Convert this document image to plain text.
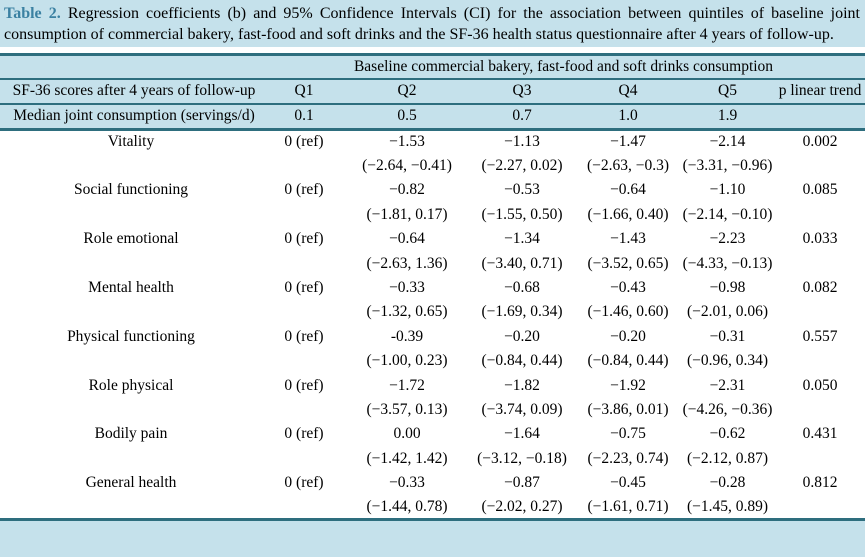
Table 2. Regression coefficients (b) and 95% Confidence Intervals (CI) for the association between quintiles of baseline joint consumption of commercial bakery, fast-food and soft drinks and the SF-36 health status questionnaire after 4 years of follow-up.
	Baseline commercial bakery, fast-food and soft drinks consumption					
SF-36 scores after 4 years of follow-up	Q1	Q2	Q3	Q4	Q5	p linear trend
Median joint consumption (servings/d)	0.1	0.5	0.7	1.0	1.9	
Vitality	0 (ref)	−1.53	−1.13	−1.47	−2.14	0.002
		(−2.64, −0.41)	(−2.27, 0.02)	(−2.63, −0.3)	(−3.31, −0.96)	
Social functioning	0 (ref)	−0.82	−0.53	−0.64	−1.10	0.085
		(−1.81, 0.17)	(−1.55, 0.50)	(−1.66, 0.40)	(−2.14, −0.10)	
Role emotional	0 (ref)	−0.64	−1.34	−1.43	−2.23	0.033
		(−2.63, 1.36)	(−3.40, 0.71)	(−3.52, 0.65)	(−4.33, −0.13)	
Mental health	0 (ref)	−0.33	−0.68	−0.43	−0.98	0.082
		(−1.32, 0.65)	(−1.69, 0.34)	(−1.46, 0.60)	(−2.01, 0.06)	
Physical functioning	0 (ref)	-0.39	−0.20	−0.20	−0.31	0.557
		(−1.00, 0.23)	(−0.84, 0.44)	(−0.84, 0.44)	(−0.96, 0.34)	
Role physical	0 (ref)	−1.72	−1.82	−1.92	−2.31	0.050
		(−3.57, 0.13)	(−3.74, 0.09)	(−3.86, 0.01)	(−4.26, −0.36)	
Bodily pain	0 (ref)	0.00	−1.64	−0.75	−0.62	0.431
		(−1.42, 1.42)	(−3.12, −0.18)	(−2.23, 0.74)	(−2.12, 0.87)	
General health	0 (ref)	−0.33	−0.87	−0.45	−0.28	0.812
		(−1.44, 0.78)	(−2.02, 0.27)	(−1.61, 0.71)	(−1.45, 0.89)	
